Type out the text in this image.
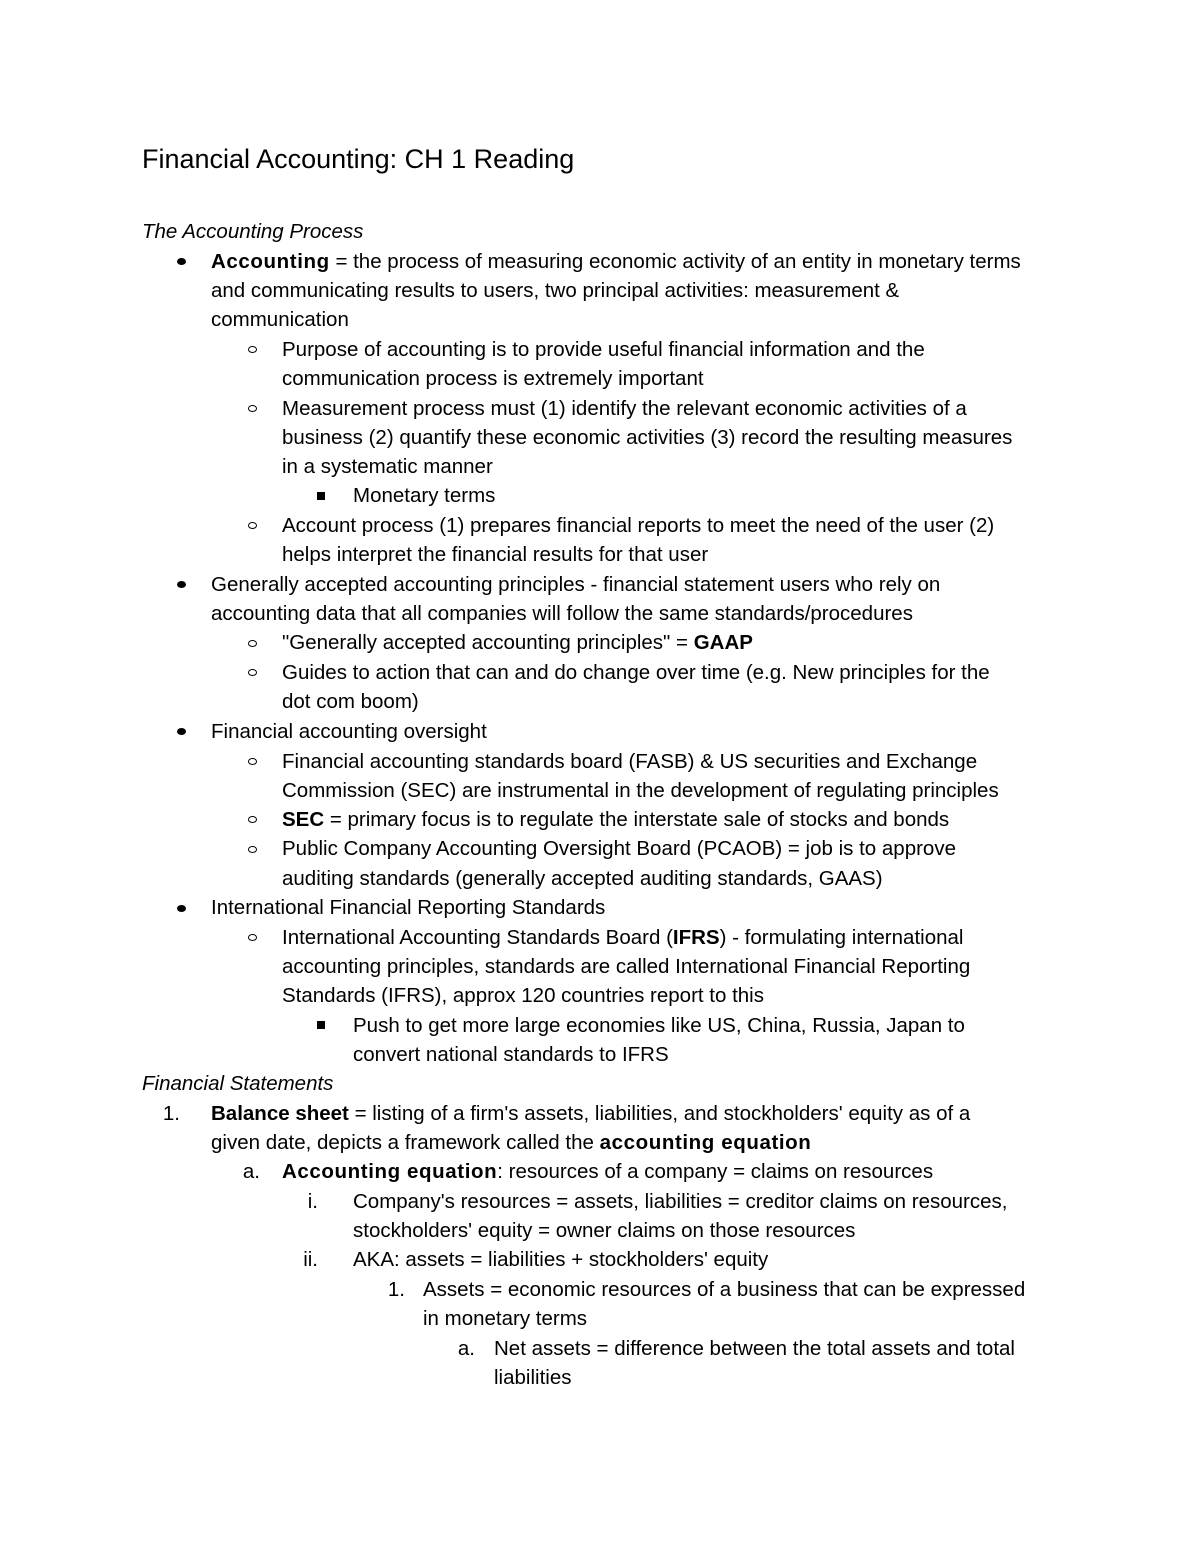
Financial Accounting: CH 1 Reading
The Accounting Process
Accounting = the process of measuring economic activity of an entity in monetary terms
and communicating results to users, two principal activities: measurement &
communication
Purpose of accounting is to provide useful financial information and the
communication process is extremely important
Measurement process must (1) identify the relevant economic activities of a
business (2) quantify these economic activities (3) record the resulting measures
in a systematic manner
Monetary terms
Account process (1) prepares financial reports to meet the need of the user (2)
helps interpret the financial results for that user
Generally accepted accounting principles - financial statement users who rely on
accounting data that all companies will follow the same standards/procedures
"Generally accepted accounting principles" = GAAP
Guides to action that can and do change over time (e.g. New principles for the
dot com boom)
Financial accounting oversight
Financial accounting standards board (FASB) & US securities and Exchange
Commission (SEC) are instrumental in the development of regulating principles
SEC = primary focus is to regulate the interstate sale of stocks and bonds
Public Company Accounting Oversight Board (PCAOB) = job is to approve
auditing standards (generally accepted auditing standards, GAAS)
International Financial Reporting Standards
International Accounting Standards Board (IFRS) - formulating international
accounting principles, standards are called International Financial Reporting
Standards (IFRS), approx 120 countries report to this
Push to get more large economies like US, China, Russia, Japan to
convert national standards to IFRS
Financial Statements
1. Balance sheet = listing of a firm's assets, liabilities, and stockholders' equity as of a
given date, depicts a framework called the accounting equation
a. Accounting equation: resources of a company = claims on resources
i. Company's resources = assets, liabilities = creditor claims on resources,
stockholders' equity = owner claims on those resources
ii. AKA: assets = liabilities + stockholders' equity
1. Assets = economic resources of a business that can be expressed
in monetary terms
a. Net assets = difference between the total assets and total
liabilities
